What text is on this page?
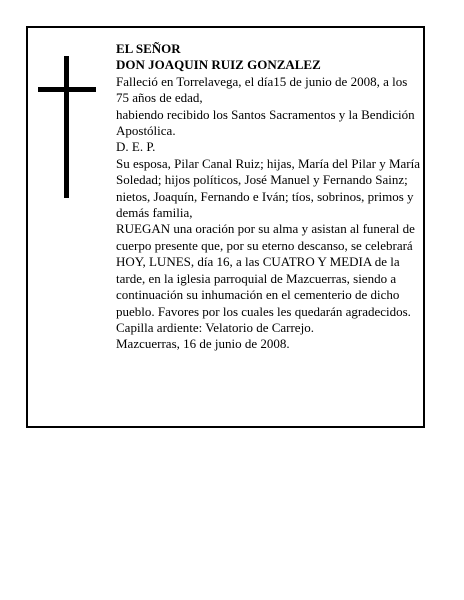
EL SEÑOR

DON JOAQUIN RUIZ GONZALEZ

Falleció en Torrelavega, el día15 de junio de 2008, a los 75 años de edad,

habiendo recibido los Santos Sacramentos y la Bendición Apostólica.

D. E. P.

Su esposa, Pilar Canal Ruiz; hijas, María del Pilar y María Soledad; hijos políticos, José Manuel y Fernando Sainz; nietos, Joaquín, Fernando e Iván; tíos, sobrinos, primos y demás familia,

RUEGAN una oración por su alma y asistan al funeral de cuerpo presente que, por su eterno descanso, se celebrará HOY, LUNES, día 16, a las CUATRO Y MEDIA de la tarde, en la iglesia parroquial de Mazcuerras, siendo a continuación su inhumación en el cementerio de dicho pueblo. Favores por los cuales les quedarán agradecidos. Capilla ardiente: Velatorio de Carrejo.

Mazcuerras, 16 de junio de 2008.
